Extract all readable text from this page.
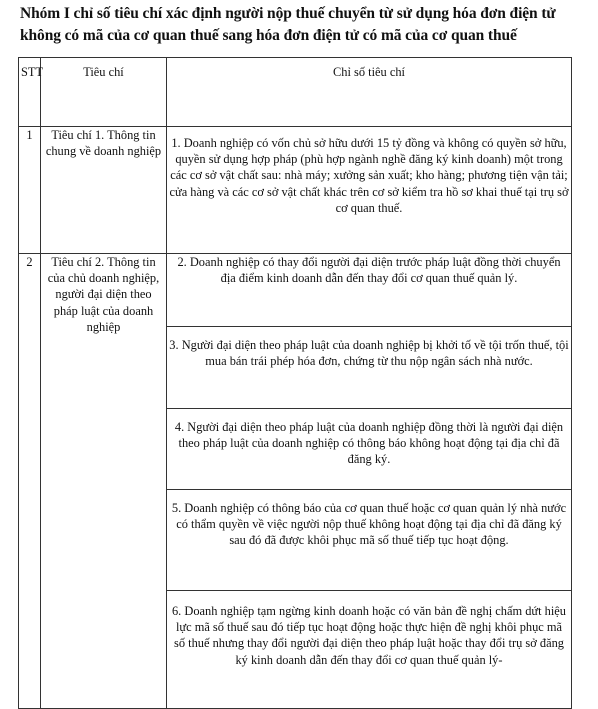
Nhóm I chỉ số tiêu chí xác định người nộp thuế chuyển từ sử dụng hóa đơn điện tử không có mã của cơ quan thuế sang hóa đơn điện tử có mã của cơ quan thuế
STT	Tiêu chí	Chỉ số tiêu chí
1	Tiêu chí 1. Thông tin chung về doanh nghiệp	1. Doanh nghiệp có vốn chủ sở hữu dưới 15 tỷ đồng và không có quyền sở hữu, quyền sử dụng hợp pháp (phù hợp ngành nghề đăng ký kinh doanh) một trong các cơ sở vật chất sau: nhà máy; xưởng sản xuất; kho hàng; phương tiện vận tải; cửa hàng và các cơ sở vật chất khác trên cơ sở kiểm tra hồ sơ khai thuế tại trụ sở cơ quan thuế.
2	Tiêu chí 2. Thông tin của chủ doanh nghiệp, người đại diện theo pháp luật của doanh nghiệp	2. Doanh nghiệp có thay đổi người đại diện trước pháp luật đồng thời chuyển địa điểm kinh doanh dẫn đến thay đổi cơ quan thuế quản lý.
		3. Người đại diện theo pháp luật của doanh nghiệp bị khởi tố về tội trốn thuế, tội mua bán trái phép hóa đơn, chứng từ thu nộp ngân sách nhà nước.
		4. Người đại diện theo pháp luật của doanh nghiệp đồng thời là người đại diện theo pháp luật của doanh nghiệp có thông báo không hoạt động tại địa chỉ đã đăng ký.
		5. Doanh nghiệp có thông báo của cơ quan thuế hoặc cơ quan quản lý nhà nước có thẩm quyền về việc người nộp thuế không hoạt động tại địa chỉ đã đăng ký sau đó đã được khôi phục mã số thuế tiếp tục hoạt động.
		6. Doanh nghiệp tạm ngừng kinh doanh hoặc có văn bản đề nghị chấm dứt hiệu lực mã số thuế sau đó tiếp tục hoạt động hoặc thực hiện đề nghị khôi phục mã số thuế nhưng thay đổi người đại diện theo pháp luật hoặc thay đổi trụ sở đăng ký kinh doanh dẫn đến thay đổi cơ quan thuế quản lý-
